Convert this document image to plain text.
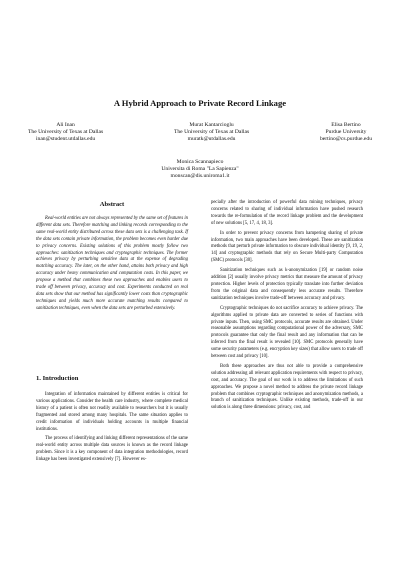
A Hybrid Approach to Private Record Linkage
Ali Inan
The University of Texas at Dallas
inan@student.utdallas.edu
Murat Kantarcioglu
The University of Texas at Dallas
muratk@utdallas.edu
Elisa Bertino
Purdue University
bertino@cs.purdue.edu
Monica Scannapieco
Universita di Roma "La Sapienza"
monscan@dis.uniroma1.it
Abstract

Real-world entities are not always represented by the same set of features in different data sets. Therefore matching and linking records corresponding to the same real-world entity distributed across these data sets is a challenging task. If the data sets contain private information, the problem becomes even harder due to privacy concerns. Existing solutions of this problem mostly follow two approaches: sanitization techniques and cryptographic techniques. The former achieves privacy by perturbing sensitive data at the expense of degrading matching accuracy. The later, on the other hand, attains both privacy and high accuracy under heavy communication and computation costs. In this paper, we propose a method that combines these two approaches and enables users to trade off between privacy, accuracy and cost. Experiments conducted on real data sets show that our method has significantly lower costs than cryptographic techniques and yields much more accurate matching results compared to sanitization techniques, even when the data sets are perturbed extensively.

1. Introduction

Integration of information maintained by different entities is critical for various applications. Consider the health care industry, where complete medical history of a patient is often not readily available to researchers but it is usually fragmented and stored among many hospitals. The same situation applies to credit information of individuals holding accounts in multiple financial institutions.

The process of identifying and linking different representations of the same real-world entity across multiple data sources is known as the record linkage problem. Since it is a key component of data integration methodologies, record linkage has been investigated extensively [7]. However es-

pecially after the introduction of powerful data mining techniques, privacy concerns related to sharing of individual information have pushed research towards the re-formulation of the record linkage problem and the development of new solutions [5, 17, 4, 18, 3].

In order to prevent privacy concerns from hampering sharing of private information, two main approaches have been developed. These are sanitization methods that perturb private information to obscure individual identity [9, 19, 2, 14] and cryptographic methods that rely on Secure Multi-party Computation (SMC) protocols [30].

Sanitization techniques such as k-anonymization [19] or random noise addition [2] usually involve privacy metrics that measure the amount of privacy protection. Higher levels of protection typically translate into further deviation from the original data and consequently less accurate results. Therefore sanitization techniques involve trade-off between accuracy and privacy.

Cryptographic techniques do not sacrifice accuracy to achieve privacy. The algorithms applied to private data are converted to series of functions with private inputs. Then, using SMC protocols, accurate results are obtained. Under reasonable assumptions regarding computational power of the adversary, SMC protocols guarantee that only the final result and any information that can be inferred from the final result is revealed [10]. SMC protocols generally have some security parameters (e.g. encryption key sizes) that allow users to trade off between cost and privacy [10].

Both these approaches are thus not able to provide a comprehensive solution addressing all relevant application requirements with respect to privacy, cost, and accuracy. The goal of our work is to address the limitations of such approaches. We propose a novel method to address the private record linkage problem that combines cryptographic techniques and anonymization methods, a branch of sanitization techniques. Unlike existing methods, trade-off in our solution is along three dimensions: privacy, cost, and
